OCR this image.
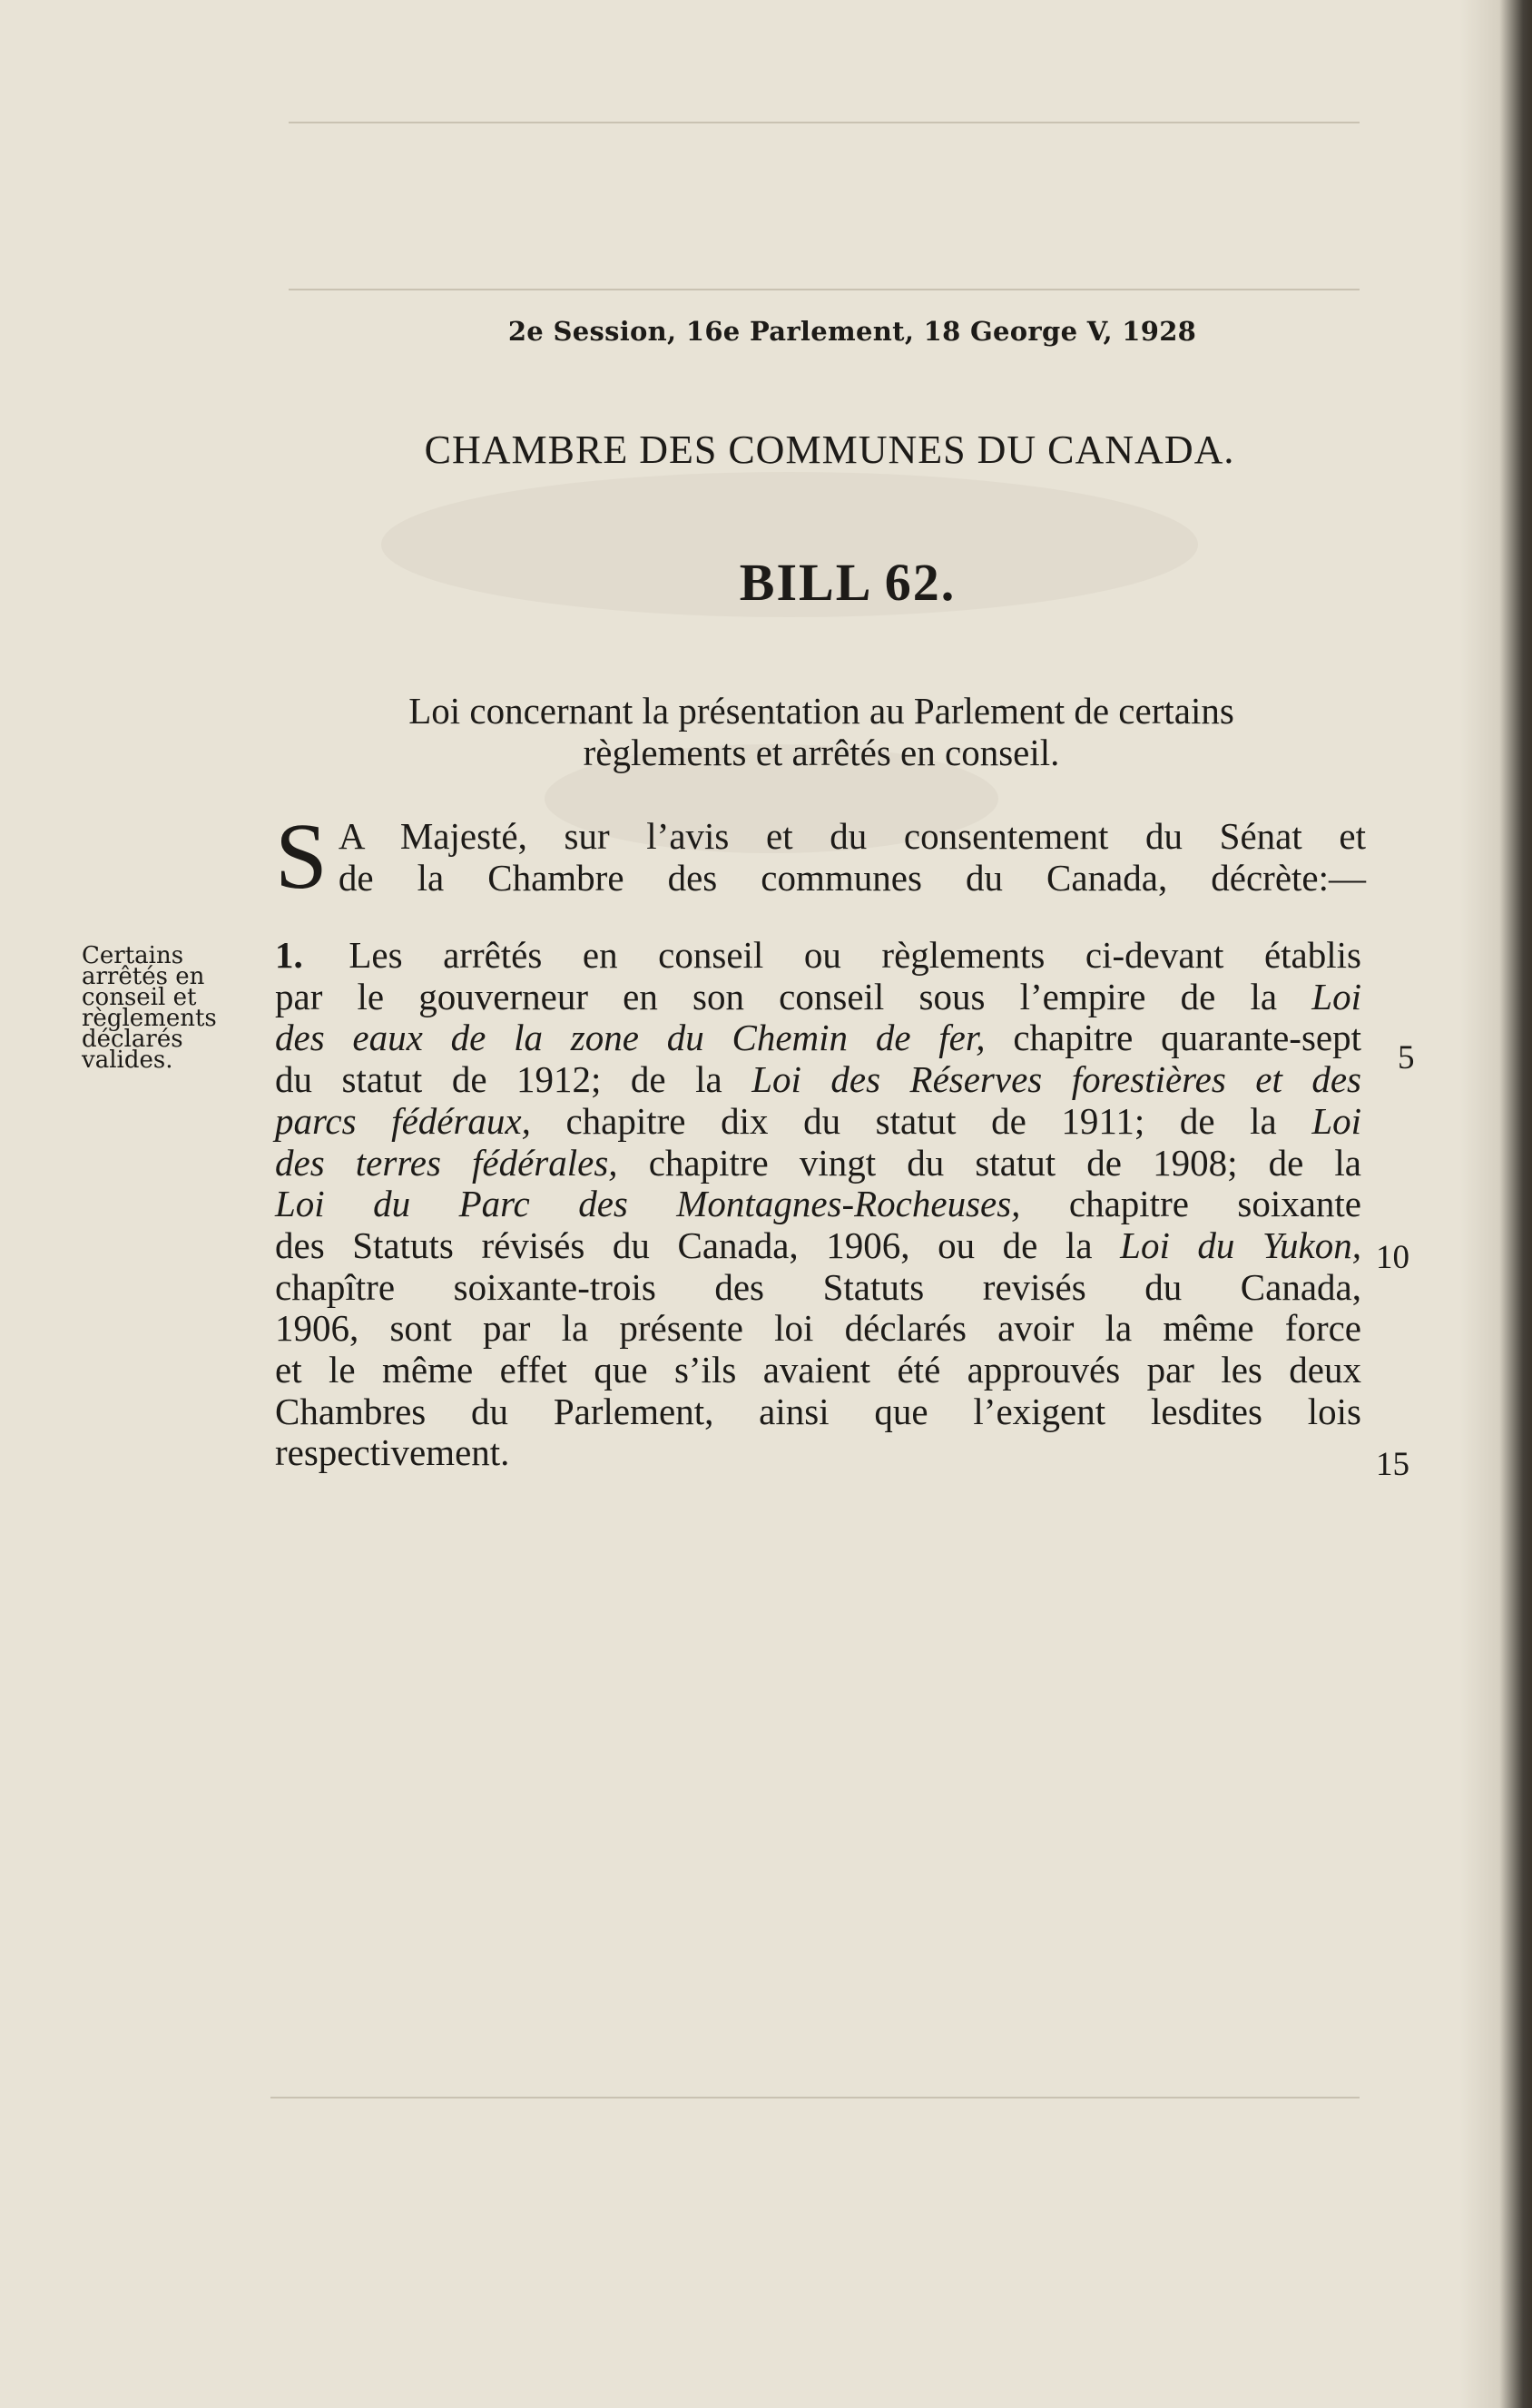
2e Session, 16e Parlement, 18 George V, 1928
CHAMBRE DES COMMUNES DU CANADA.
BILL 62.
Loi concernant la présentation au Parlement de certains
règlements et arrêtés en conseil.
S A Majesté, sur l’avis et du consentement du Sénat et
de la Chambre des communes du Canada, décrète:—
Certains
arrêtés en
conseil et
règlements
déclarés
valides.
1. Les arrêtés en conseil ou règlements ci-devant établis
par le gouverneur en son conseil sous l’empire de la Loi
des eaux de la zone du Chemin de fer, chapitre quarante-sept
du statut de 1912; de la Loi des Réserves forestières et des
parcs fédéraux, chapitre dix du statut de 1911; de la Loi
des terres fédérales, chapitre vingt du statut de 1908; de la
Loi du Parc des Montagnes-Rocheuses, chapitre soixante
des Statuts révisés du Canada, 1906, ou de la Loi du Yukon,
chapître soixante-trois des Statuts revisés du Canada,
1906, sont par la présente loi déclarés avoir la même force
et le même effet que s’ils avaient été approuvés par les deux
Chambres du Parlement, ainsi que l’exigent lesdites lois
respectivement.
5
10
15
